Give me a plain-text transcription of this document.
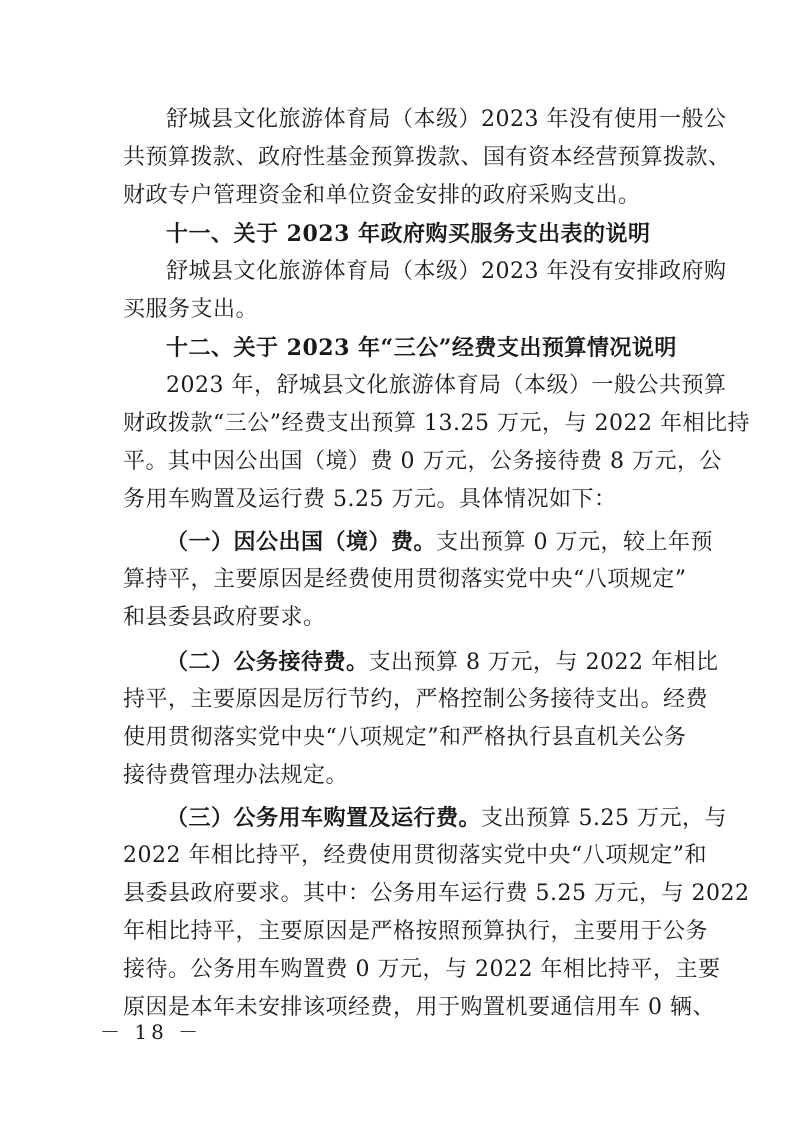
舒城县文化旅游体育局（本级）2023 年没有使用一般公
共预算拨款、政府性基金预算拨款、国有资本经营预算拨款、
财政专户管理资金和单位资金安排的政府采购支出。
十一、关于 2023 年政府购买服务支出表的说明
舒城县文化旅游体育局（本级）2023 年没有安排政府购
买服务支出。
十二、关于 2023 年“三公”经费支出预算情况说明
2023 年，舒城县文化旅游体育局（本级）一般公共预算
财政拨款“三公”经费支出预算 13.25 万元，与 2022 年相比持
平。其中因公出国（境）费 0 万元，公务接待费 8 万元，公
务用车购置及运行费 5.25 万元。具体情况如下：
（一）因公出国（境）费。支出预算 0 万元，较上年预
算持平，主要原因是经费使用贯彻落实党中央“八项规定”
和县委县政府要求。
（二）公务接待费。支出预算 8 万元，与 2022 年相比
持平，主要原因是厉行节约，严格控制公务接待支出。经费
使用贯彻落实党中央“八项规定”和严格执行县直机关公务
接待费管理办法规定。
（三）公务用车购置及运行费。支出预算 5.25 万元，与
2022 年相比持平，经费使用贯彻落实党中央“八项规定”和
县委县政府要求。其中：公务用车运行费 5.25 万元，与 2022
年相比持平，主要原因是严格按照预算执行，主要用于公务
接待。公务用车购置费 0 万元，与 2022 年相比持平，主要
原因是本年未安排该项经费，用于购置机要通信用车 0 辆、
－ 18 －
